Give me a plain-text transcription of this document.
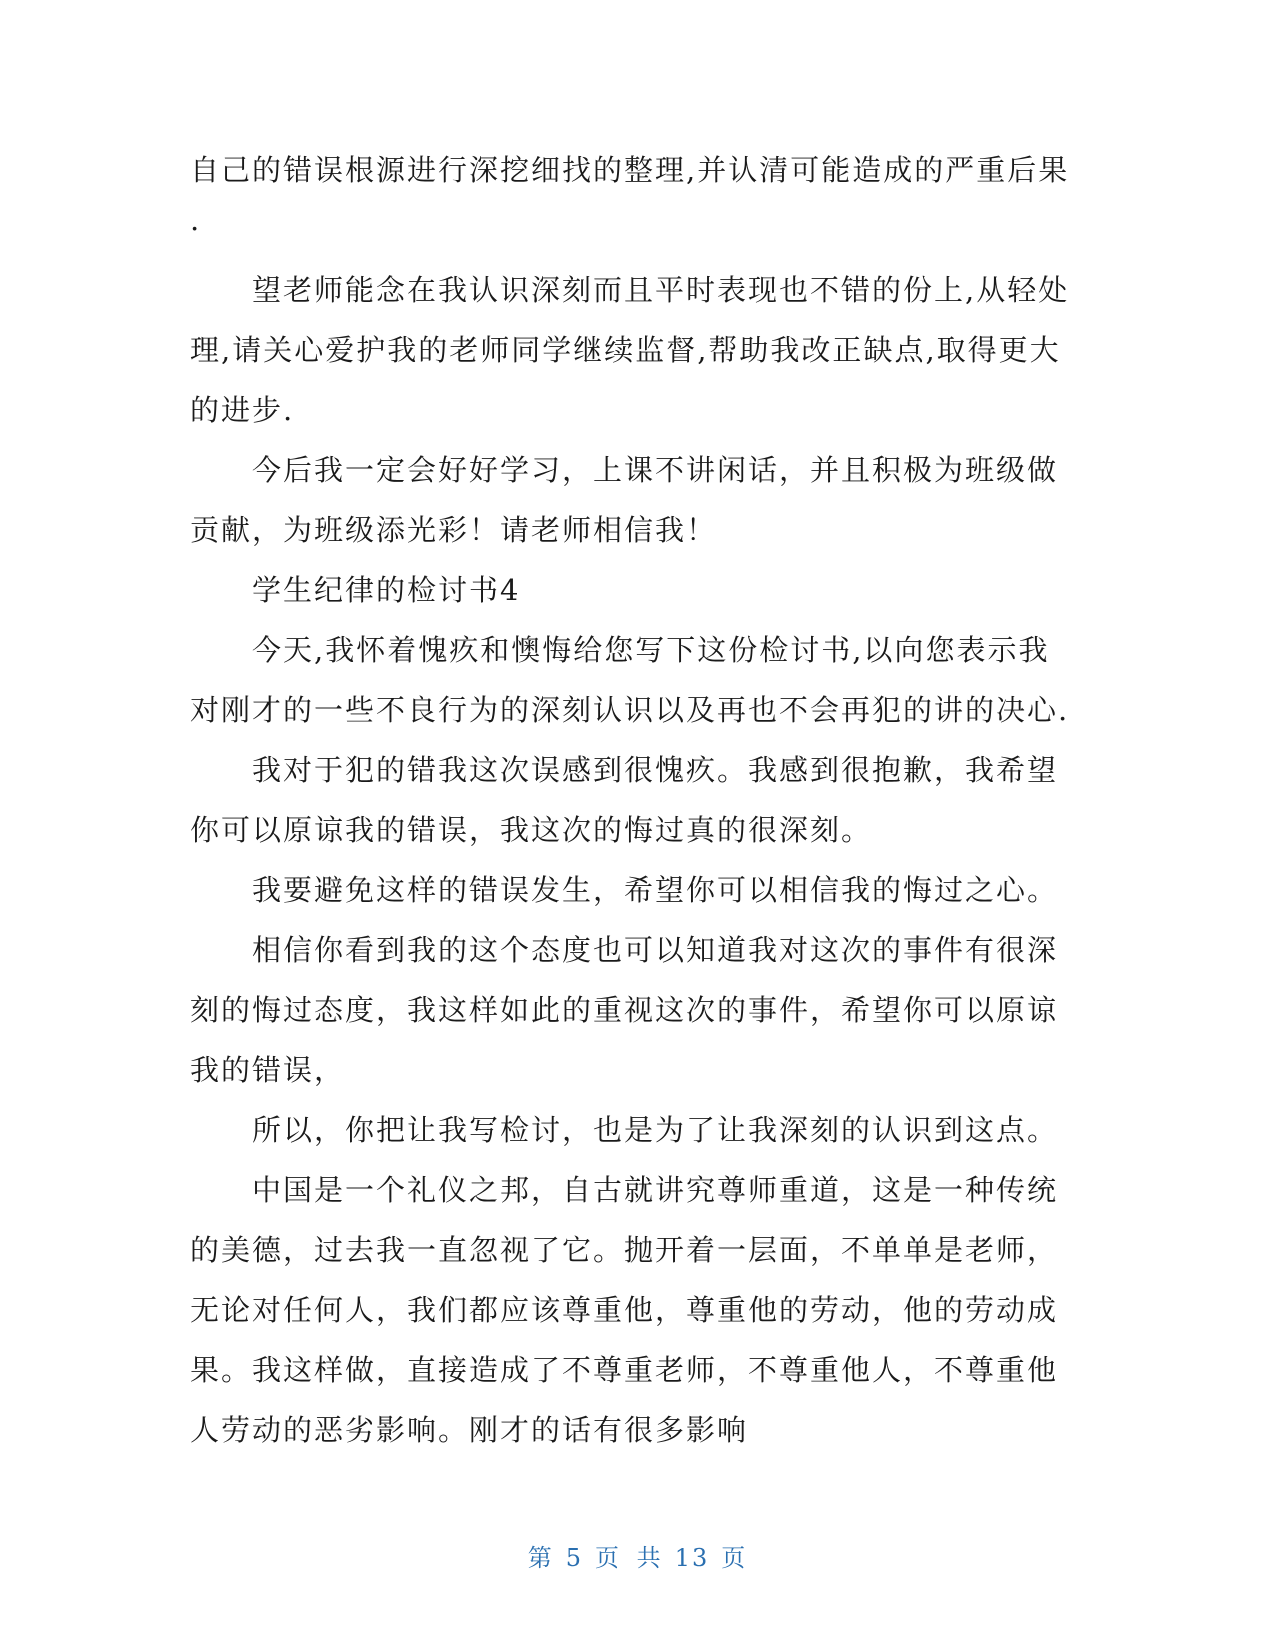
自己的错误根源进行深挖细找的整理,并认清可能造成的严重后果
.
望老师能念在我认识深刻而且平时表现也不错的份上,从轻处
理,请关心爱护我的老师同学继续监督,帮助我改正缺点,取得更大
的进步.
今后我一定会好好学习，上课不讲闲话，并且积极为班级做
贡献，为班级添光彩！请老师相信我！
学生纪律的检讨书4
今天,我怀着愧疚和懊悔给您写下这份检讨书,以向您表示我
对刚才的一些不良行为的深刻认识以及再也不会再犯的讲的决心.
我对于犯的错我这次误感到很愧疚。我感到很抱歉，我希望
你可以原谅我的错误，我这次的悔过真的很深刻。
我要避免这样的错误发生，希望你可以相信我的悔过之心。
相信你看到我的这个态度也可以知道我对这次的事件有很深
刻的悔过态度，我这样如此的重视这次的事件，希望你可以原谅
我的错误，
所以，你把让我写检讨，也是为了让我深刻的认识到这点。
中国是一个礼仪之邦，自古就讲究尊师重道，这是一种传统
的美德，过去我一直忽视了它。抛开着一层面，不单单是老师，
无论对任何人，我们都应该尊重他，尊重他的劳动，他的劳动成
果。我这样做，直接造成了不尊重老师，不尊重他人，不尊重他
人劳动的恶劣影响。刚才的话有很多影响
第 5 页 共 13 页
